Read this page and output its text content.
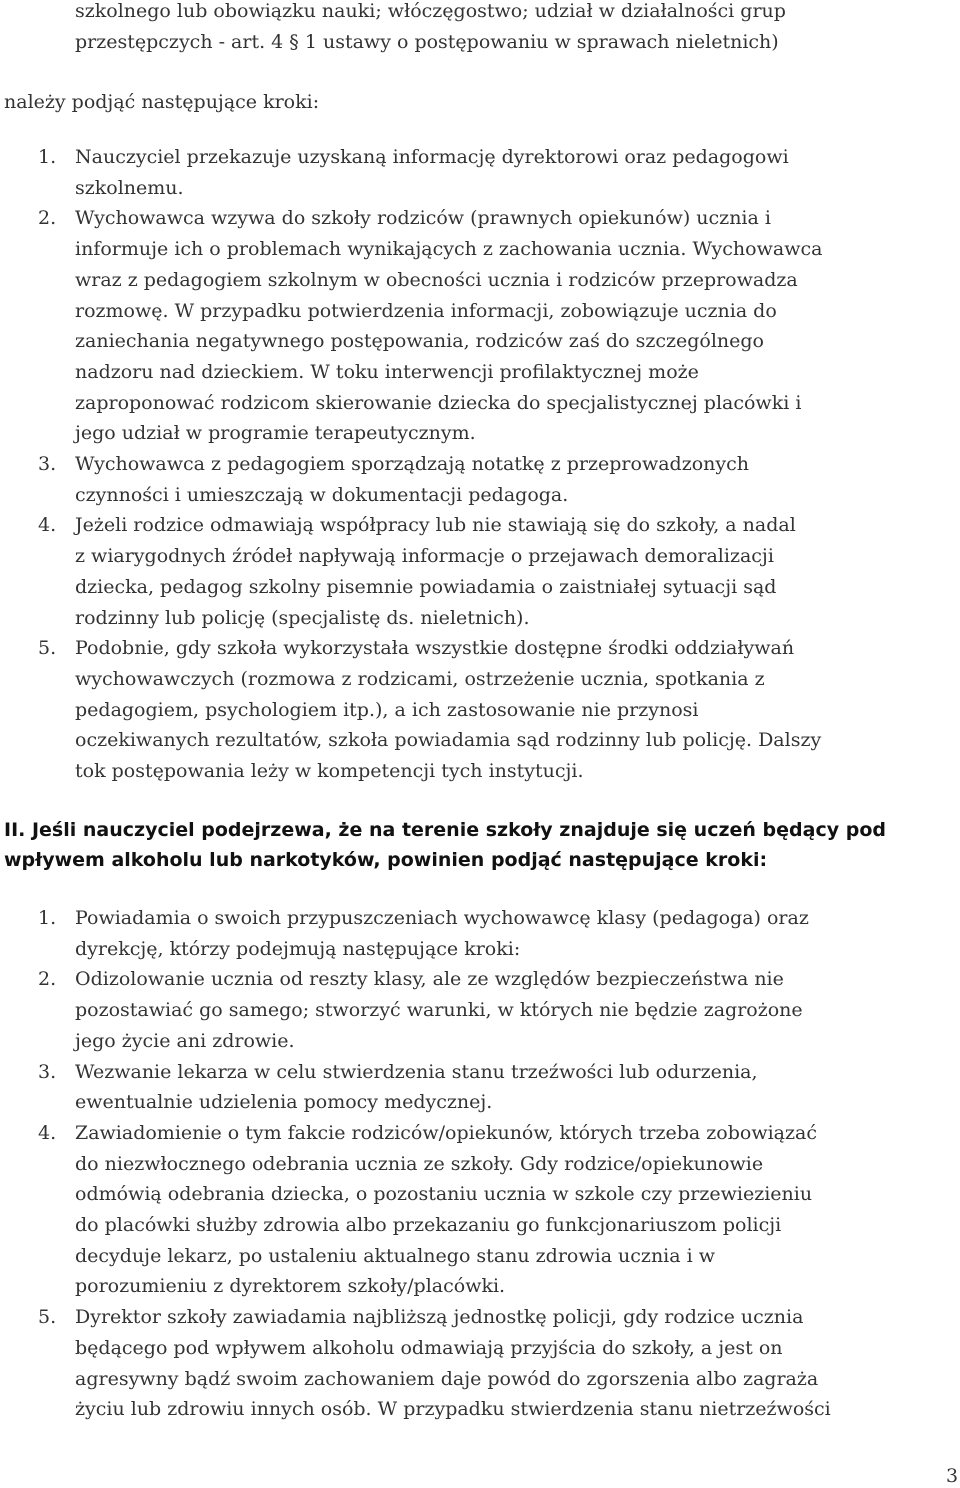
szkolnego lub obowiązku nauki; włóczęgostwo; udział w działalności grup
przestępczych - art. 4 § 1 ustawy o postępowaniu w sprawach nieletnich)
należy podjąć następujące kroki:
1. Nauczyciel przekazuje uzyskaną informację dyrektorowi oraz pedagogowi
szkolnemu.
2. Wychowawca wzywa do szkoły rodziców (prawnych opiekunów) ucznia i
informuje ich o problemach wynikających z zachowania ucznia. Wychowawca
wraz z pedagogiem szkolnym w obecności ucznia i rodziców przeprowadza
rozmowę. W przypadku potwierdzenia informacji, zobowiązuje ucznia do
zaniechania negatywnego postępowania, rodziców zaś do szczególnego
nadzoru nad dzieckiem. W toku interwencji profilaktycznej może
zaproponować rodzicom skierowanie dziecka do specjalistycznej placówki i
jego udział w programie terapeutycznym.
3. Wychowawca z pedagogiem sporządzają notatkę z przeprowadzonych
czynności i umieszczają w dokumentacji pedagoga.
4. Jeżeli rodzice odmawiają współpracy lub nie stawiają się do szkoły, a nadal
z wiarygodnych źródeł napływają informacje o przejawach demoralizacji
dziecka, pedagog szkolny pisemnie powiadamia o zaistniałej sytuacji sąd
rodzinny lub policję (specjalistę ds. nieletnich).
5. Podobnie, gdy szkoła wykorzystała wszystkie dostępne środki oddziaływań
wychowawczych (rozmowa z rodzicami, ostrzeżenie ucznia, spotkania z
pedagogiem, psychologiem itp.), a ich zastosowanie nie przynosi
oczekiwanych rezultatów, szkoła powiadamia sąd rodzinny lub policję. Dalszy
tok postępowania leży w kompetencji tych instytucji.
II. Jeśli nauczyciel podejrzewa, że na terenie szkoły znajduje się uczeń będący pod
wpływem alkoholu lub narkotyków, powinien podjąć następujące kroki:
1. Powiadamia o swoich przypuszczeniach wychowawcę klasy (pedagoga) oraz
dyrekcję, którzy podejmują następujące kroki:
2. Odizolowanie ucznia od reszty klasy, ale ze względów bezpieczeństwa nie
pozostawiać go samego; stworzyć warunki, w których nie będzie zagrożone
jego życie ani zdrowie.
3. Wezwanie lekarza w celu stwierdzenia stanu trzeźwości lub odurzenia,
ewentualnie udzielenia pomocy medycznej.
4. Zawiadomienie o tym fakcie rodziców/opiekunów, których trzeba zobowiązać
do niezwłocznego odebrania ucznia ze szkoły. Gdy rodzice/opiekunowie
odmówią odebrania dziecka, o pozostaniu ucznia w szkole czy przewiezieniu
do placówki służby zdrowia albo przekazaniu go funkcjonariuszom policji
decyduje lekarz, po ustaleniu aktualnego stanu zdrowia ucznia i w
porozumieniu z dyrektorem szkoły/placówki.
5. Dyrektor szkoły zawiadamia najbliższą jednostkę policji, gdy rodzice ucznia
będącego pod wpływem alkoholu odmawiają przyjścia do szkoły, a jest on
agresywny bądź swoim zachowaniem daje powód do zgorszenia albo zagraża
życiu lub zdrowiu innych osób. W przypadku stwierdzenia stanu nietrzeźwości
3
